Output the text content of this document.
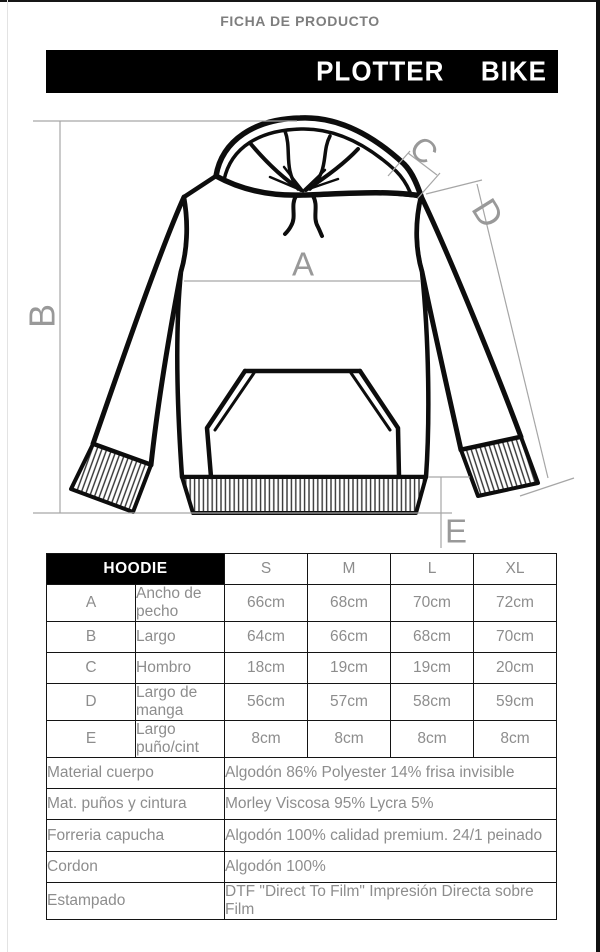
FICHA DE PRODUCTO
PLOTTER  BIKE
A
B
C
D
E
HOODIE		S	M	L	XL
A	Ancho de pecho	66cm	68cm	70cm	72cm
B	Largo	64cm	66cm	68cm	70cm
C	Hombro	18cm	19cm	19cm	20cm
D	Largo de manga	56cm	57cm	58cm	59cm
E	Largo puño/cint	8cm	8cm	8cm	8cm
Material cuerpo		Algodón 86% Polyester 14% frisa invisible			
Mat. puños y cintura		Morley Viscosa 95% Lycra 5%			
Forreria capucha		Algodón 100% calidad premium. 24/1 peinado			
Cordon		Algodón 100%			
Estampado		DTF "Direct To Film" Impresión Directa sobre Film			
